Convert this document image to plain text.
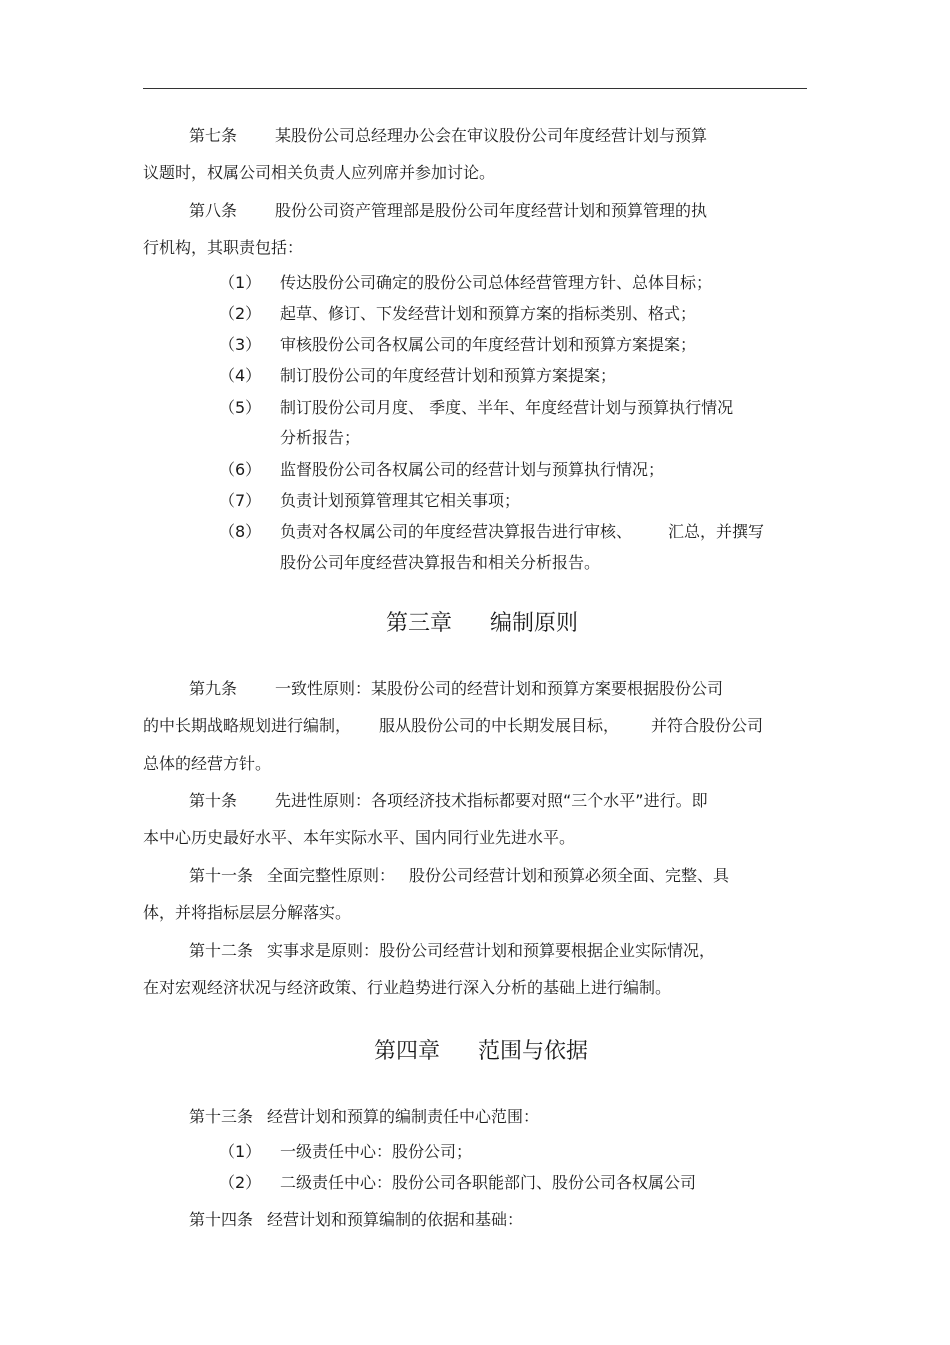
第七条 某股份公司总经理办公会在审议股份公司年度经营计划与预算
议题时，权属公司相关负责人应列席并参加讨论。
第八条 股份公司资产管理部是股份公司年度经营计划和预算管理的执
行机构，其职责包括：
（1） 传达股份公司确定的股份公司总体经营管理方针、总体目标；
（2） 起草、修订、下发经营计划和预算方案的指标类别、格式；
（3） 审核股份公司各权属公司的年度经营计划和预算方案提案；
（4） 制订股份公司的年度经营计划和预算方案提案；
（5） 制订股份公司月度、 季度、半年、年度经营计划与预算执行情况
分析报告；
（6） 监督股份公司各权属公司的经营计划与预算执行情况；
（7） 负责计划预算管理其它相关事项；
（8） 负责对各权属公司的年度经营决算报告进行审核、 汇总，并撰写
股份公司年度经营决算报告和相关分析报告。
第三章 编制原则
第九条 一致性原则：某股份公司的经营计划和预算方案要根据股份公司
的中长期战略规划进行编制， 服从股份公司的中长期发展目标， 并符合股份公司
总体的经营方针。
第十条 先进性原则：各项经济技术指标都要对照“三个水平”进行。即
本中心历史最好水平、本年实际水平、国内同行业先进水平。
第十一条 全面完整性原则： 股份公司经营计划和预算必须全面、完整、具
体，并将指标层层分解落实。
第十二条 实事求是原则：股份公司经营计划和预算要根据企业实际情况，
在对宏观经济状况与经济政策、行业趋势进行深入分析的基础上进行编制。
第四章 范围与依据
第十三条 经营计划和预算的编制责任中心范围：
（1） 一级责任中心：股份公司；
（2） 二级责任中心：股份公司各职能部门、股份公司各权属公司
第十四条 经营计划和预算编制的依据和基础：
